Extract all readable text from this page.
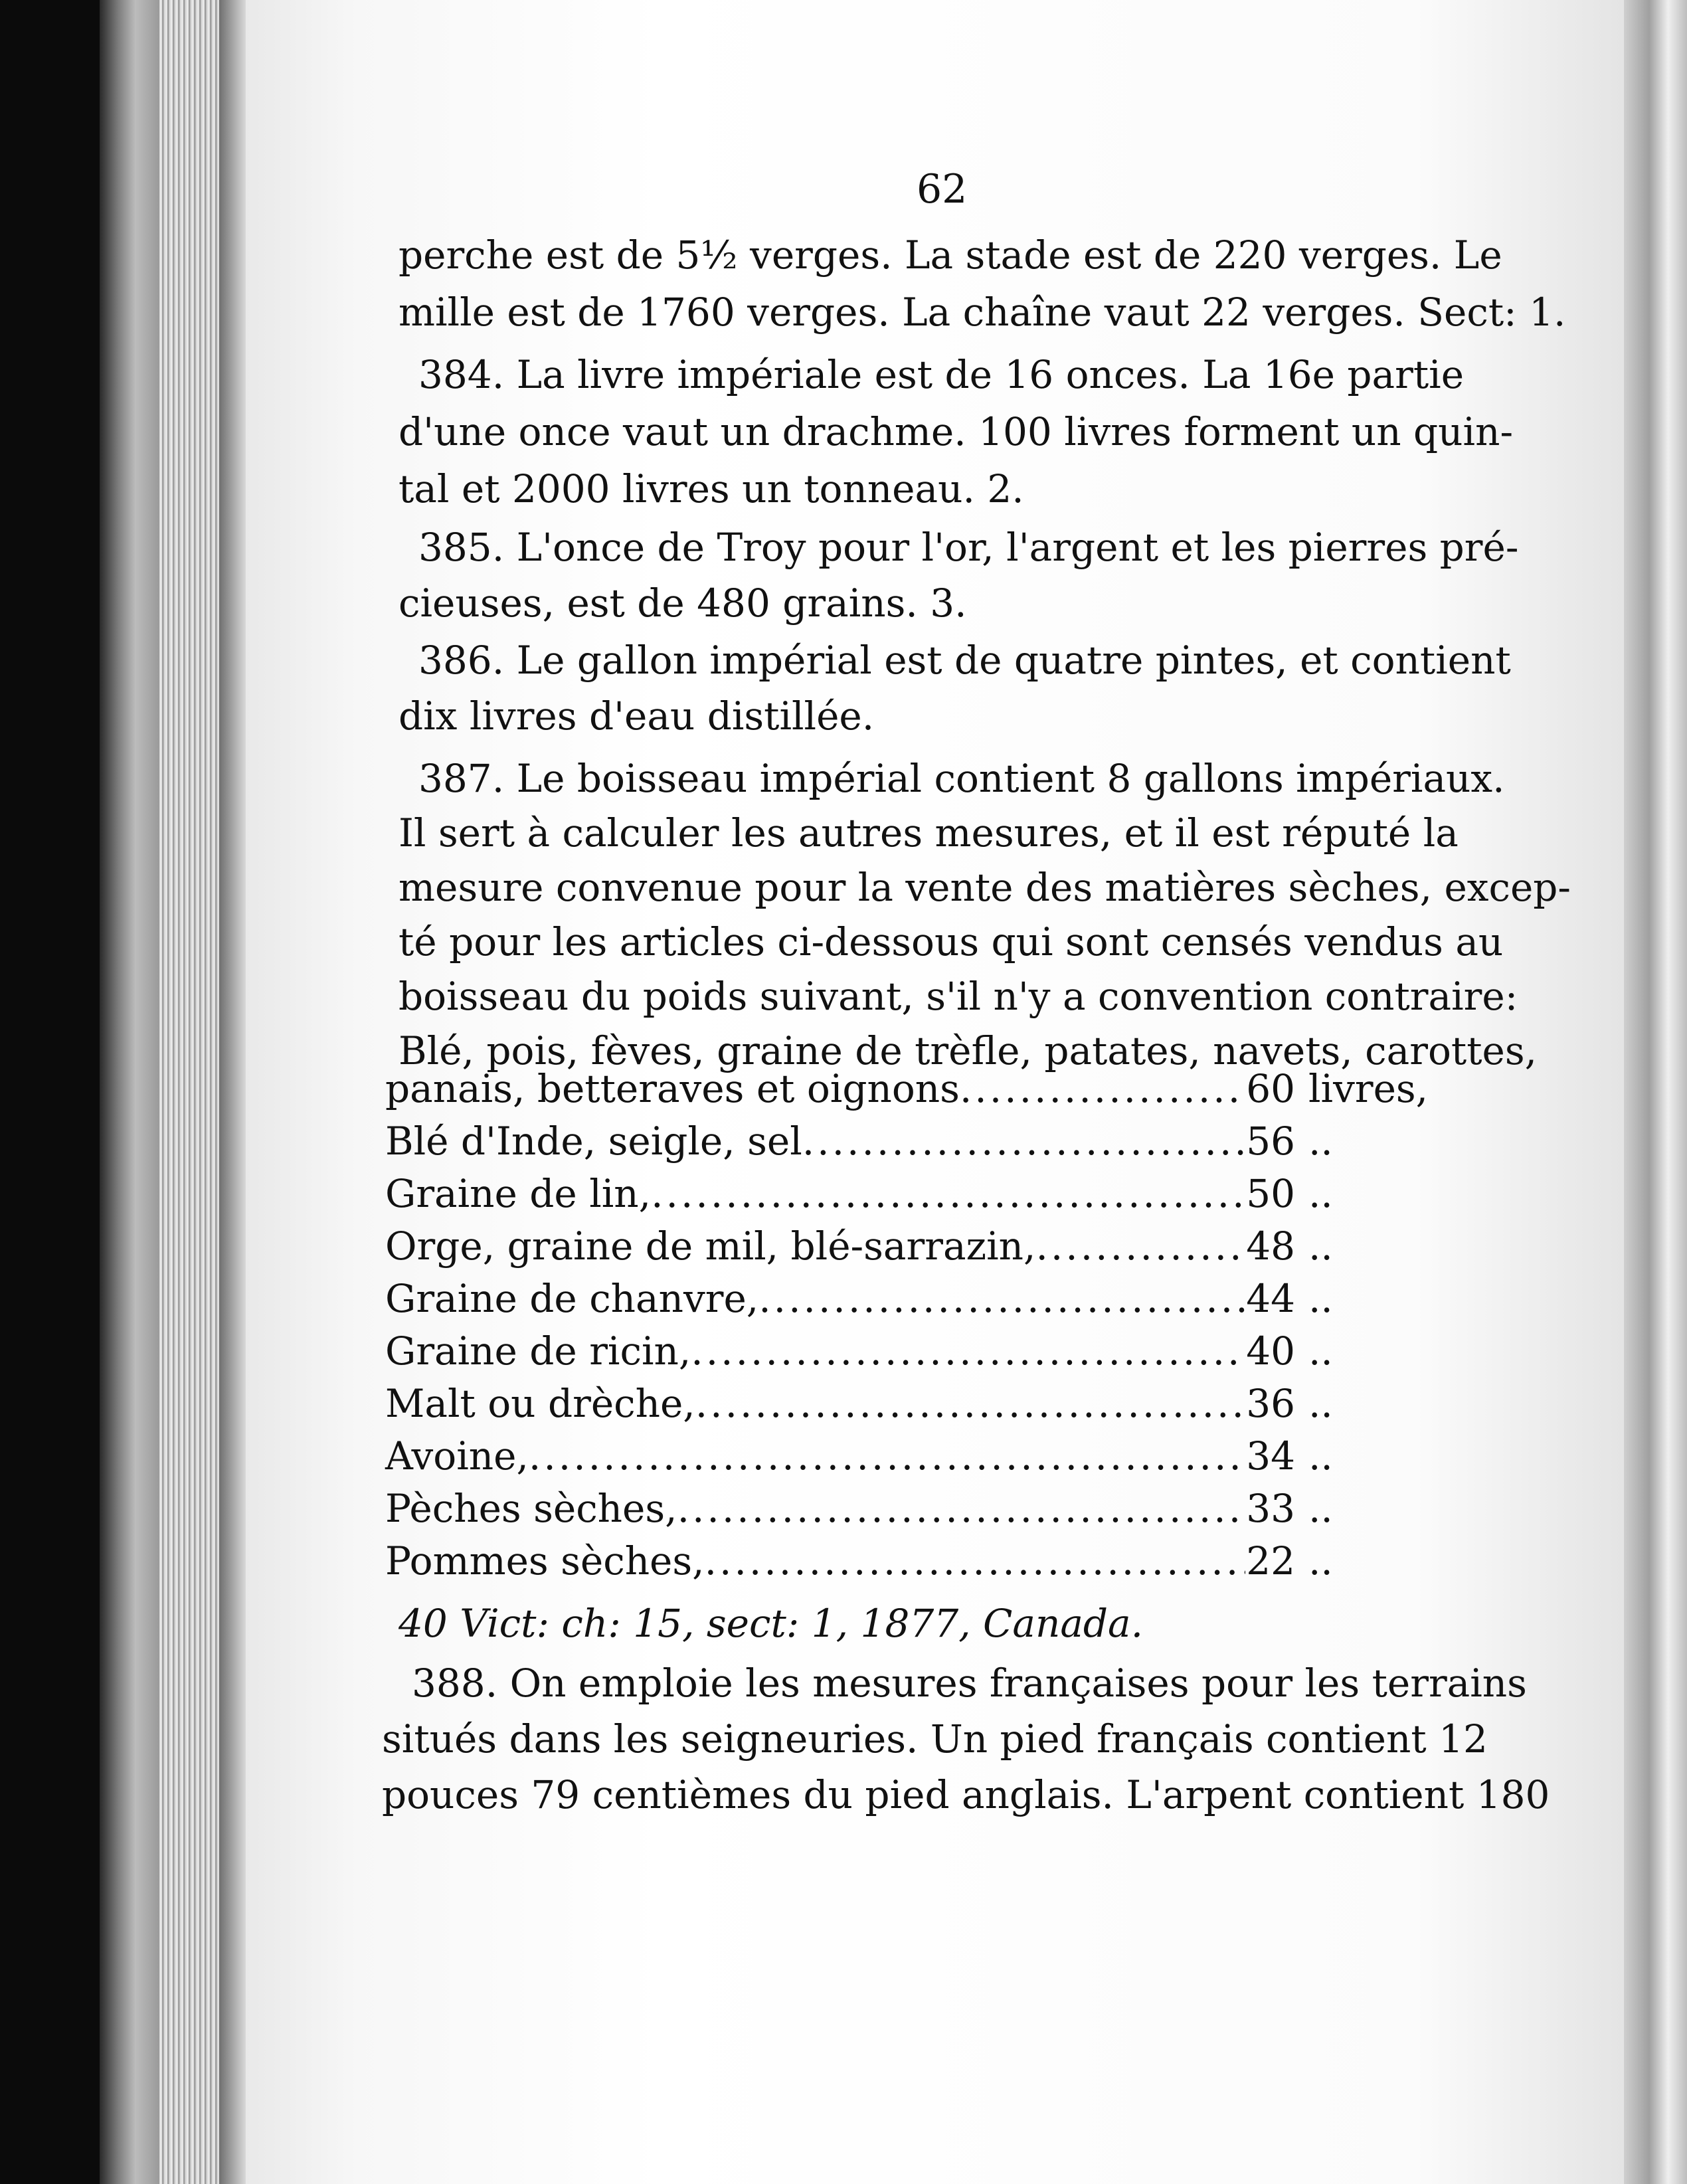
62
perche est de 5½ verges. La stade est de 220 verges. Le
mille est de 1760 verges. La chaîne vaut 22 verges. Sect: 1.
384. La livre impériale est de 16 onces. La 16e partie
d'une once vaut un drachme. 100 livres forment un quin-
tal et 2000 livres un tonneau. 2.
385. L'once de Troy pour l'or, l'argent et les pierres pré-
cieuses, est de 480 grains. 3.
386. Le gallon impérial est de quatre pintes, et contient
dix livres d'eau distillée.
387. Le boisseau impérial contient 8 gallons impériaux.
Il sert à calculer les autres mesures, et il est réputé la
mesure convenue pour la vente des matières sèches, excep-
té pour les articles ci-dessous qui sont censés vendus au
boisseau du poids suivant, s'il n'y a convention contraire:
Blé, pois, fèves, graine de trèfle, patates, navets, carottes,
panais, betteraves et oignons .....	60 livres,
Blé d'Inde, seigle, sel .....	56 ..
Graine de lin, .....	50 ..
Orge, graine de mil, blé-sarrazin, .....	48 ..
Graine de chanvre, .....	44 ..
Graine de ricin, .....	40 ..
Malt ou drèche, .....	36 ..
Avoine, .....	34 ..
Pèches sèches, .....	33 ..
Pommes sèches, .....	22 ..
40 Vict: ch: 15, sect: 1, 1877, Canada.
388. On emploie les mesures françaises pour les terrains
situés dans les seigneuries. Un pied français contient 12
pouces 79 centièmes du pied anglais. L'arpent contient 180
